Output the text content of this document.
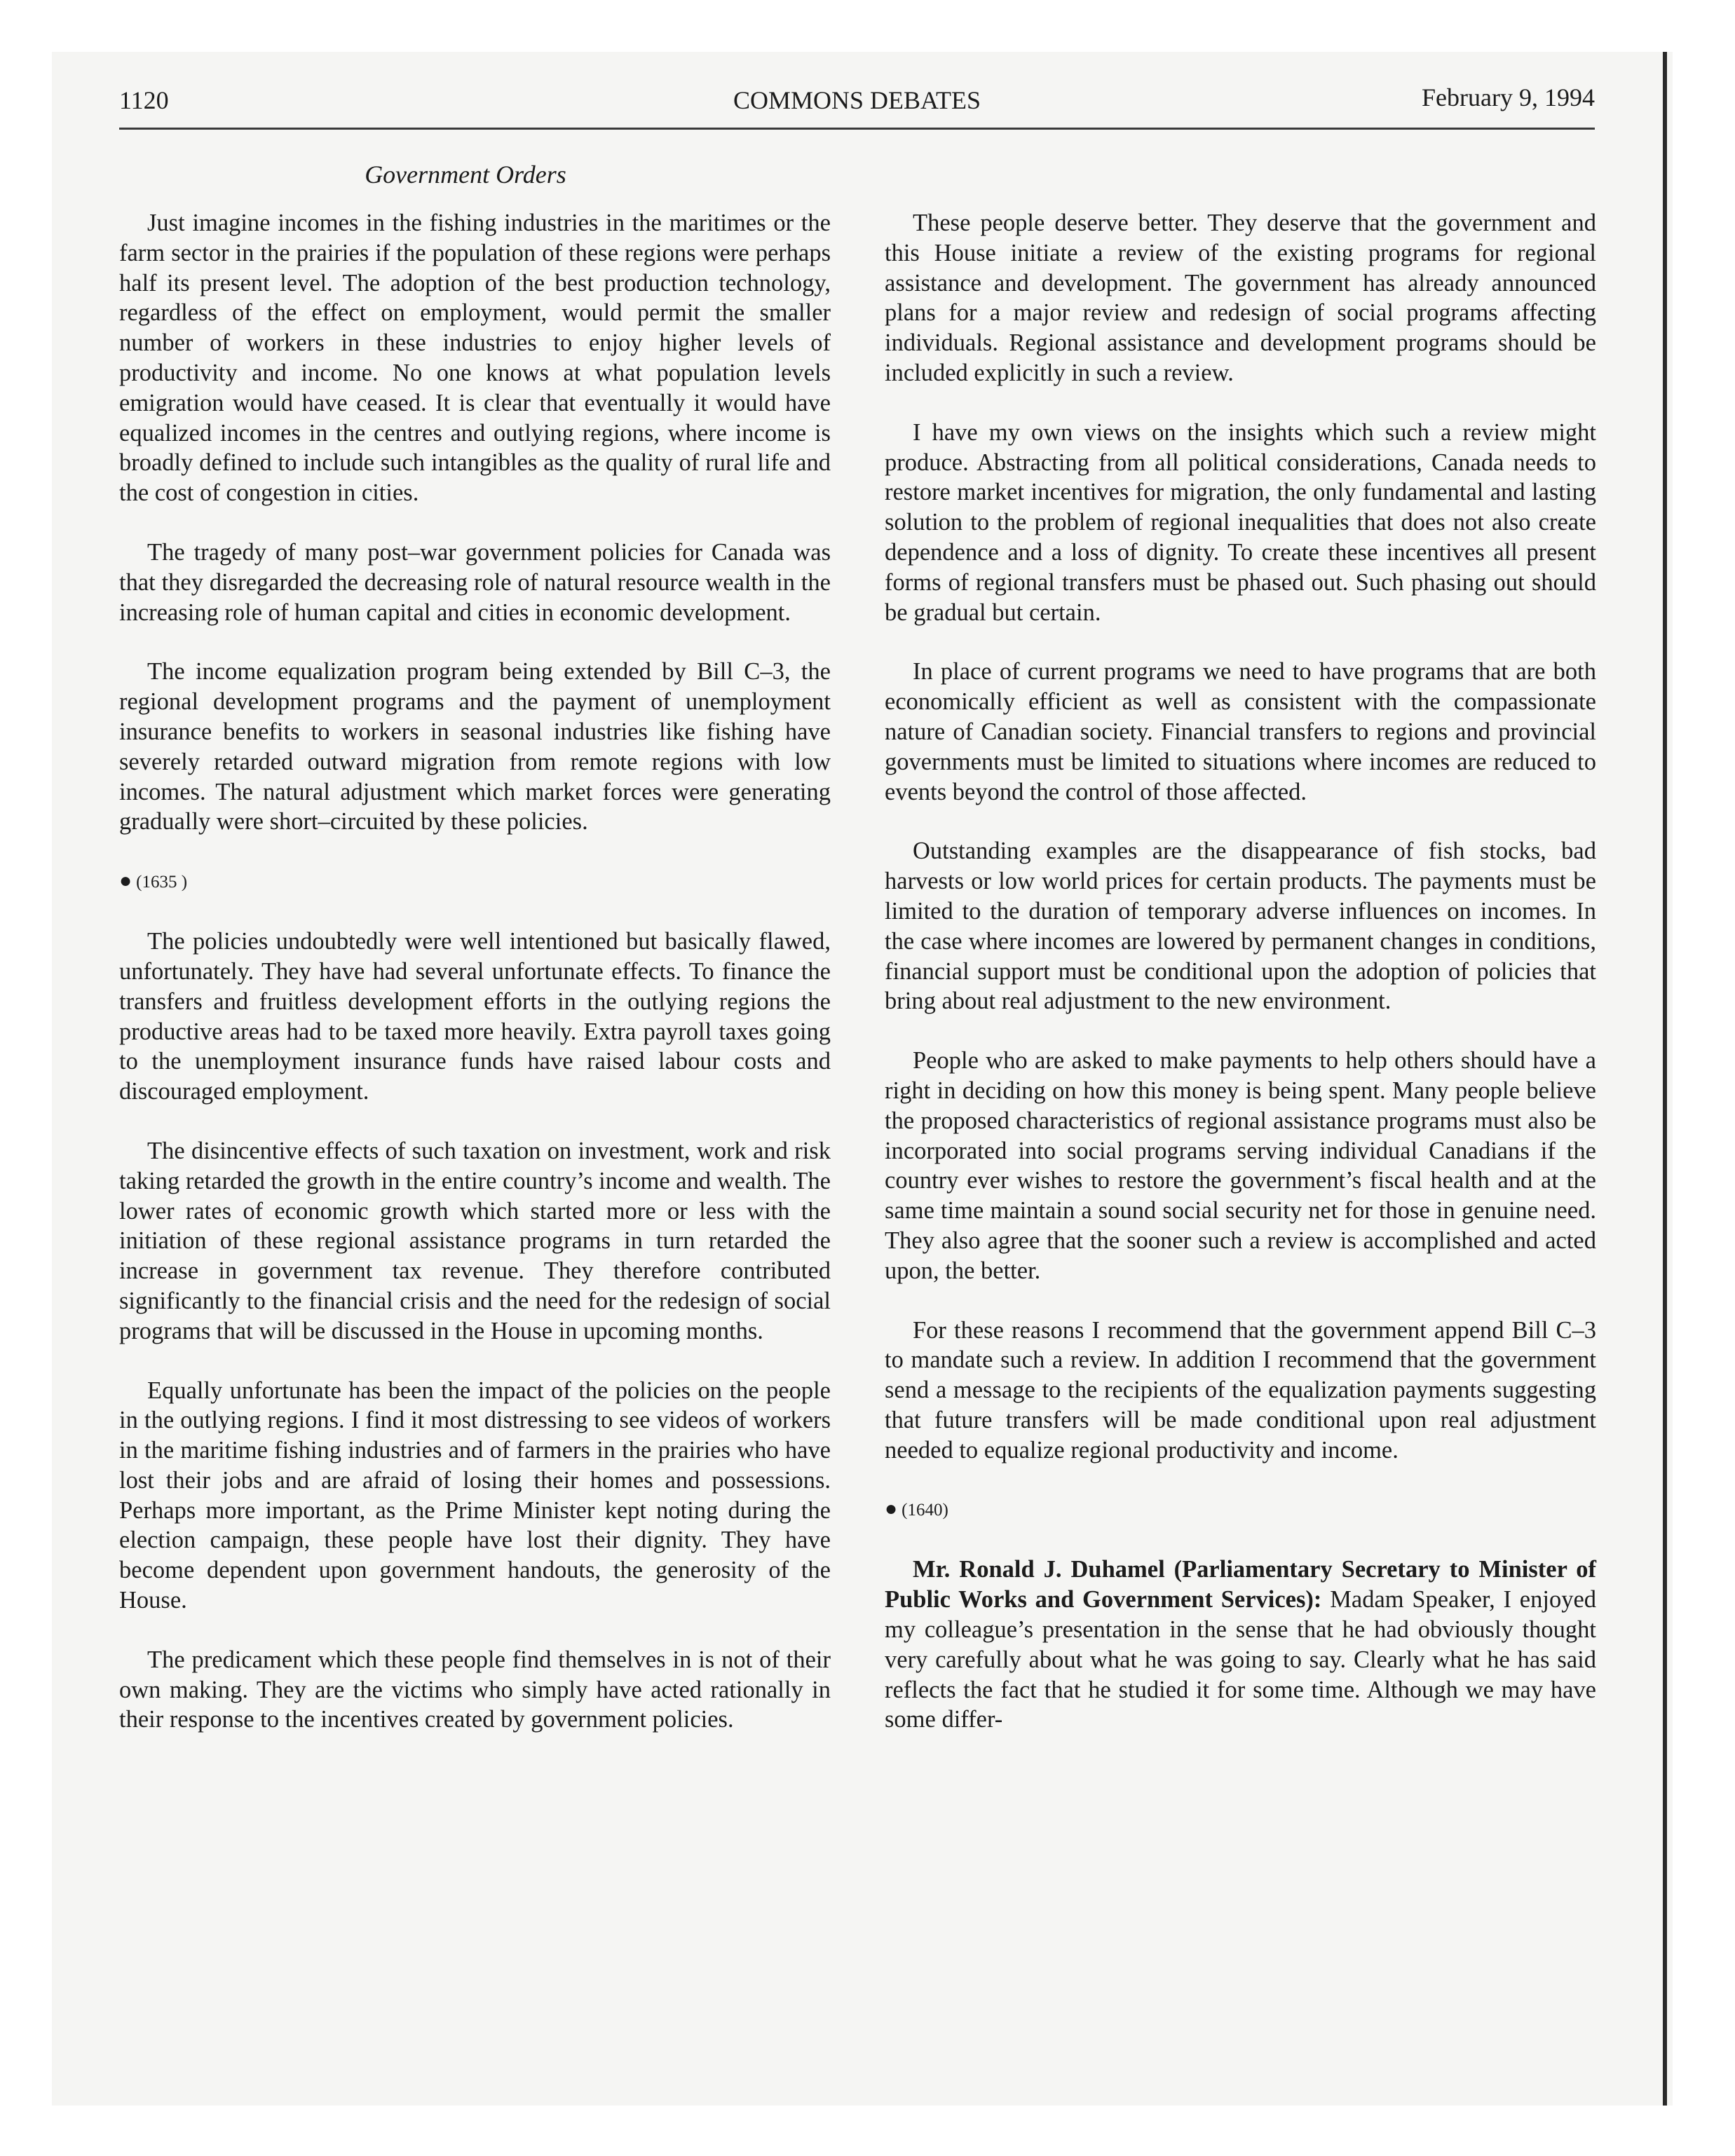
1120	COMMONS DEBATES	February 9, 1994
Government Orders

Just imagine incomes in the fishing industries in the maritimes or the farm sector in the prairies if the population of these regions were perhaps half its present level. The adoption of the best production technology, regardless of the effect on employment, would permit the smaller number of workers in these industries to enjoy higher levels of productivity and income. No one knows at what population levels emigration would have ceased. It is clear that eventually it would have equalized incomes in the centres and outlying regions, where income is broadly defined to include such intangibles as the quality of rural life and the cost of congestion in cities.

The tragedy of many post–war government policies for Canada was that they disregarded the decreasing role of natural resource wealth in the increasing role of human capital and cities in economic development.

The income equalization program being extended by Bill C–3, the regional development programs and the payment of unemployment insurance benefits to workers in seasonal industries like fishing have severely retarded outward migration from remote regions with low incomes. The natural adjustment which market forces were generating gradually were short–circuited by these policies.

● (1635 )

The policies undoubtedly were well intentioned but basically flawed, unfortunately. They have had several unfortunate effects. To finance the transfers and fruitless development efforts in the outlying regions the productive areas had to be taxed more heavily. Extra payroll taxes going to the unemployment insurance funds have raised labour costs and discouraged employment.

The disincentive effects of such taxation on investment, work and risk taking retarded the growth in the entire country’s income and wealth. The lower rates of economic growth which started more or less with the initiation of these regional assistance programs in turn retarded the increase in government tax revenue. They therefore contributed significantly to the financial crisis and the need for the redesign of social programs that will be discussed in the House in upcoming months.

Equally unfortunate has been the impact of the policies on the people in the outlying regions. I find it most distressing to see videos of workers in the maritime fishing industries and of farmers in the prairies who have lost their jobs and are afraid of losing their homes and possessions. Perhaps more important, as the Prime Minister kept noting during the election campaign, these people have lost their dignity. They have become dependent upon government handouts, the generosity of the House.

The predicament which these people find themselves in is not of their own making. They are the victims who simply have acted rationally in their response to the incentives created by government policies.

These people deserve better. They deserve that the government and this House initiate a review of the existing programs for regional assistance and development. The government has already announced plans for a major review and redesign of social programs affecting individuals. Regional assistance and development programs should be included explicitly in such a review.

I have my own views on the insights which such a review might produce. Abstracting from all political considerations, Canada needs to restore market incentives for migration, the only fundamental and lasting solution to the problem of regional inequalities that does not also create dependence and a loss of dignity. To create these incentives all present forms of regional transfers must be phased out. Such phasing out should be gradual but certain.

In place of current programs we need to have programs that are both economically efficient as well as consistent with the compassionate nature of Canadian society. Financial transfers to regions and provincial governments must be limited to situations where incomes are reduced to events beyond the control of those affected.

Outstanding examples are the disappearance of fish stocks, bad harvests or low world prices for certain products. The payments must be limited to the duration of temporary adverse influences on incomes. In the case where incomes are lowered by permanent changes in conditions, financial support must be conditional upon the adoption of policies that bring about real adjustment to the new environment.

People who are asked to make payments to help others should have a right in deciding on how this money is being spent. Many people believe the proposed characteristics of regional assistance programs must also be incorporated into social programs serving individual Canadians if the country ever wishes to restore the government’s fiscal health and at the same time maintain a sound social security net for those in genuine need. They also agree that the sooner such a review is accomplished and acted upon, the better.

For these reasons I recommend that the government append Bill C–3 to mandate such a review. In addition I recommend that the government send a message to the recipients of the equalization payments suggesting that future transfers will be made conditional upon real adjustment needed to equalize regional productivity and income.

● (1640)

Mr. Ronald J. Duhamel (Parliamentary Secretary to Minister of Public Works and Government Services): Madam Speaker, I enjoyed my colleague’s presentation in the sense that he had obviously thought very carefully about what he was going to say. Clearly what he has said reflects the fact that he studied it for some time. Although we may have some differ-
